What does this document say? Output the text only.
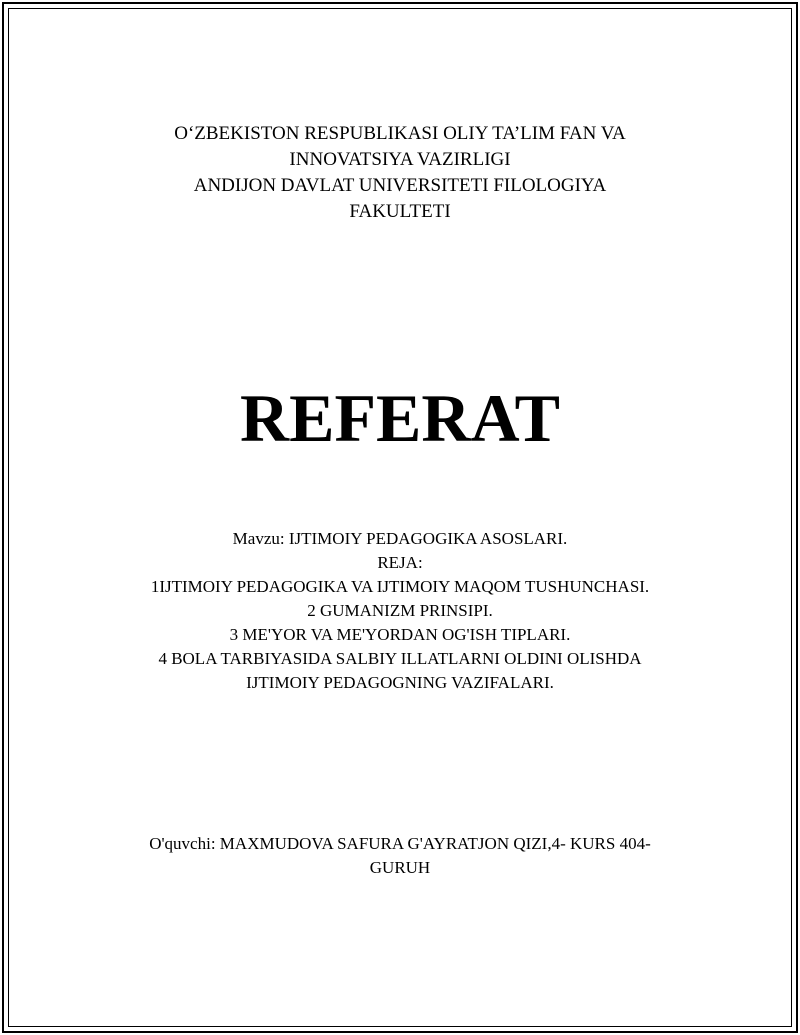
O‘ZBEKISTON RESPUBLIKASI OLIY TA’LIM FAN VA
INNOVATSIYA VAZIRLIGI
ANDIJON DAVLAT UNIVERSITETI FILOLOGIYA
FAKULTETI
REFERAT
Mavzu: IJTIMOIY PEDAGOGIKA ASOSLARI.
REJA:
1IJTIMOIY PEDAGOGIKA VA IJTIMOIY MAQOM TUSHUNCHASI.
2 GUMANIZM PRINSIPI.
3 ME'YOR VA ME'YORDAN OG'ISH TIPLARI.
4 BOLA TARBIYASIDA SALBIY ILLATLARNI OLDINI OLISHDA
IJTIMOIY PEDAGOGNING VAZIFALARI.
O'quvchi: MAXMUDOVA SAFURA G'AYRATJON QIZI,4- KURS 404-
GURUH
